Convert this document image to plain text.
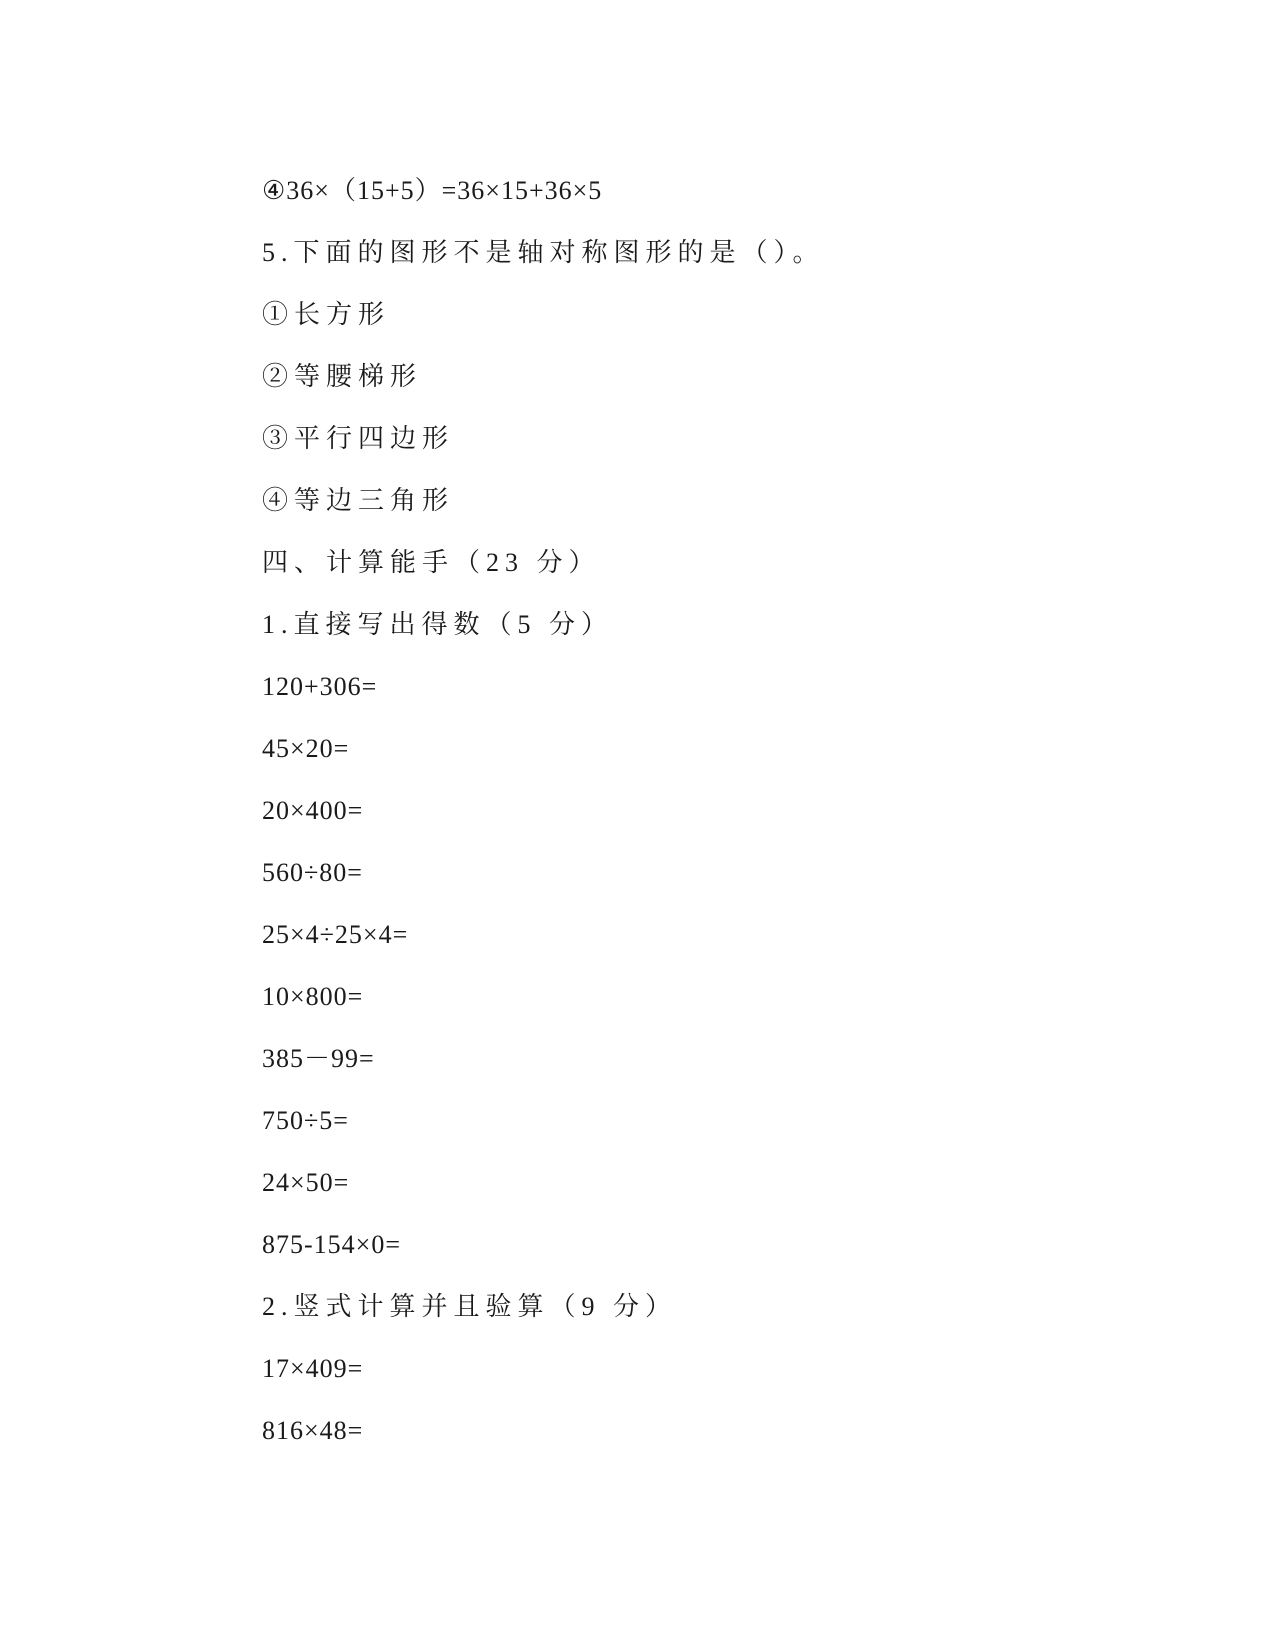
④36×（15+5）=36×15+36×5
5.下面的图形不是轴对称图形的是（）。
①长方形
②等腰梯形
③平行四边形
④等边三角形
四、计算能手（23 分）
1.直接写出得数（5 分）
120+306=
45×20=
20×400=
560÷80=
25×4÷25×4=
10×800=
385－99=
750÷5=
24×50=
875-154×0=
2.竖式计算并且验算（9 分）
17×409=
816×48=
